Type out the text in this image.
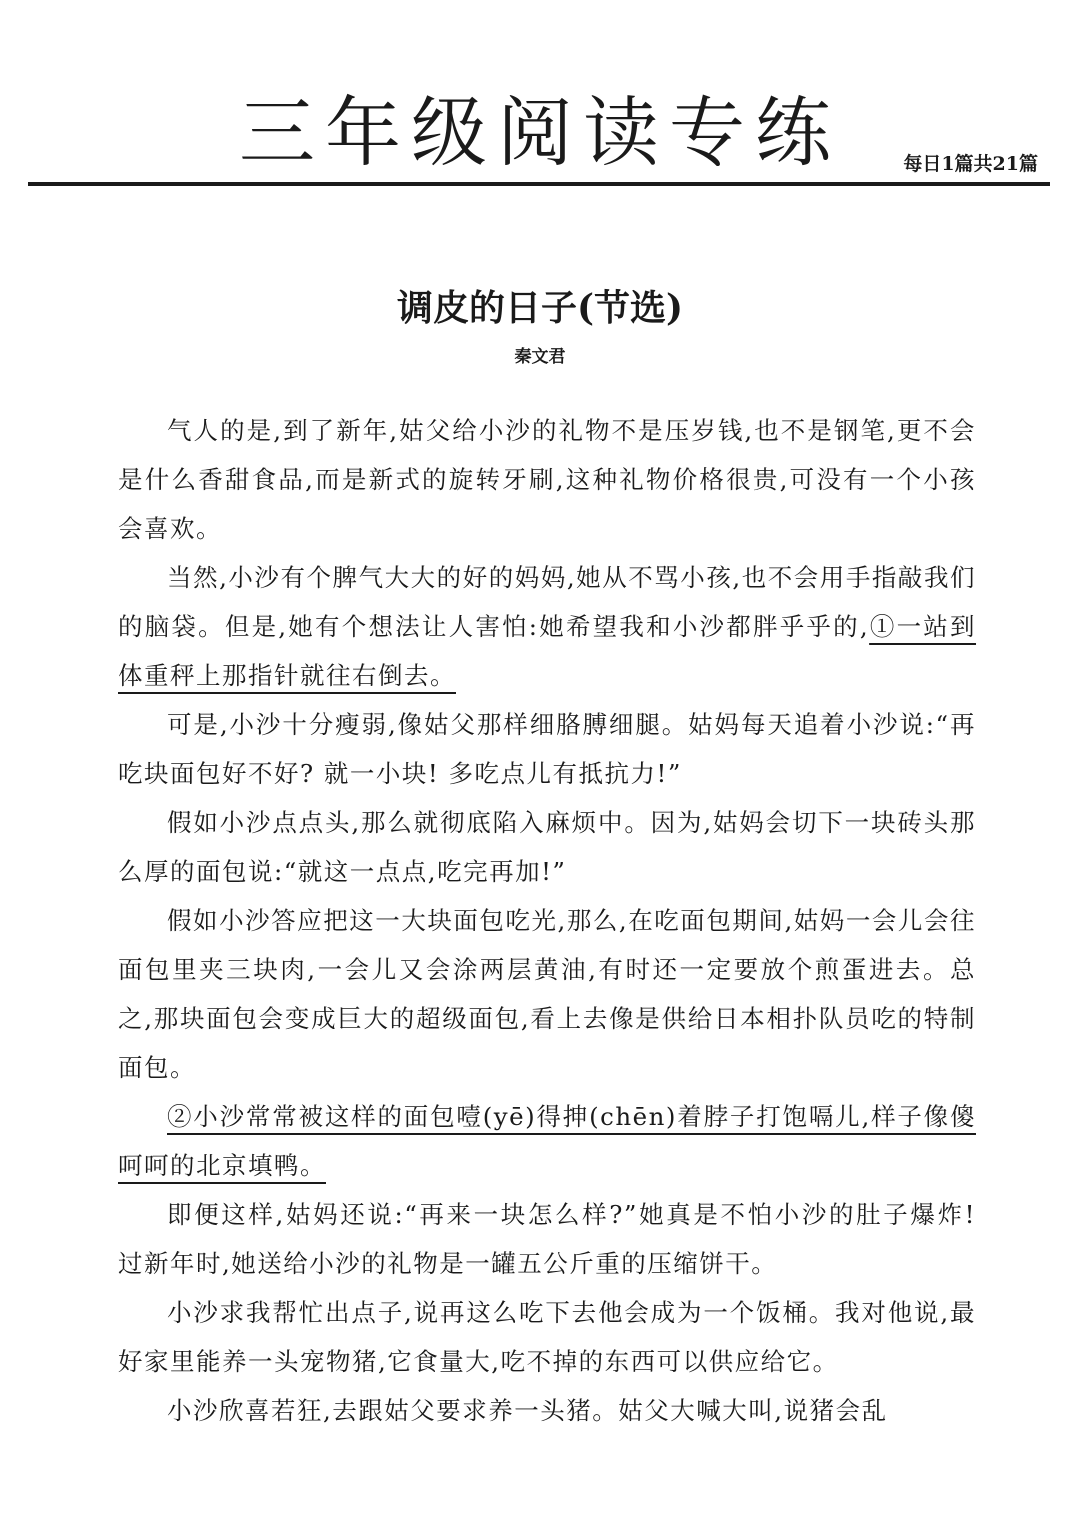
三年级阅读专练	每日1篇共21篇
调皮的日子(节选)
秦文君

气人的是,到了新年,姑父给小沙的礼物不是压岁钱,也不是钢笔,更不会是什么香甜食品,而是新式的旋转牙刷,这种礼物价格很贵,可没有一个小孩会喜欢。

当然,小沙有个脾气大大的好的妈妈,她从不骂小孩,也不会用手指敲我们的脑袋。但是,她有个想法让人害怕:她希望我和小沙都胖乎乎的,①一站到体重秤上那指针就往右倒去。

可是,小沙十分瘦弱,像姑父那样细胳膊细腿。姑妈每天追着小沙说:“再吃块面包好不好? 就一小块! 多吃点儿有抵抗力!”

假如小沙点点头,那么就彻底陷入麻烦中。因为,姑妈会切下一块砖头那么厚的面包说:“就这一点点,吃完再加!”

假如小沙答应把这一大块面包吃光,那么,在吃面包期间,姑妈一会儿会往面包里夹三块肉,一会儿又会涂两层黄油,有时还一定要放个煎蛋进去。总之,那块面包会变成巨大的超级面包,看上去像是供给日本相扑队员吃的特制面包。

②小沙常常被这样的面包噎(yē)得抻(chēn)着脖子打饱嗝儿,样子像傻呵呵的北京填鸭。

即便这样,姑妈还说:“再来一块怎么样?”她真是不怕小沙的肚子爆炸! 过新年时,她送给小沙的礼物是一罐五公斤重的压缩饼干。

小沙求我帮忙出点子,说再这么吃下去他会成为一个饭桶。我对他说,最好家里能养一头宠物猪,它食量大,吃不掉的东西可以供应给它。

小沙欣喜若狂,去跟姑父要求养一头猪。姑父大喊大叫,说猪会乱
